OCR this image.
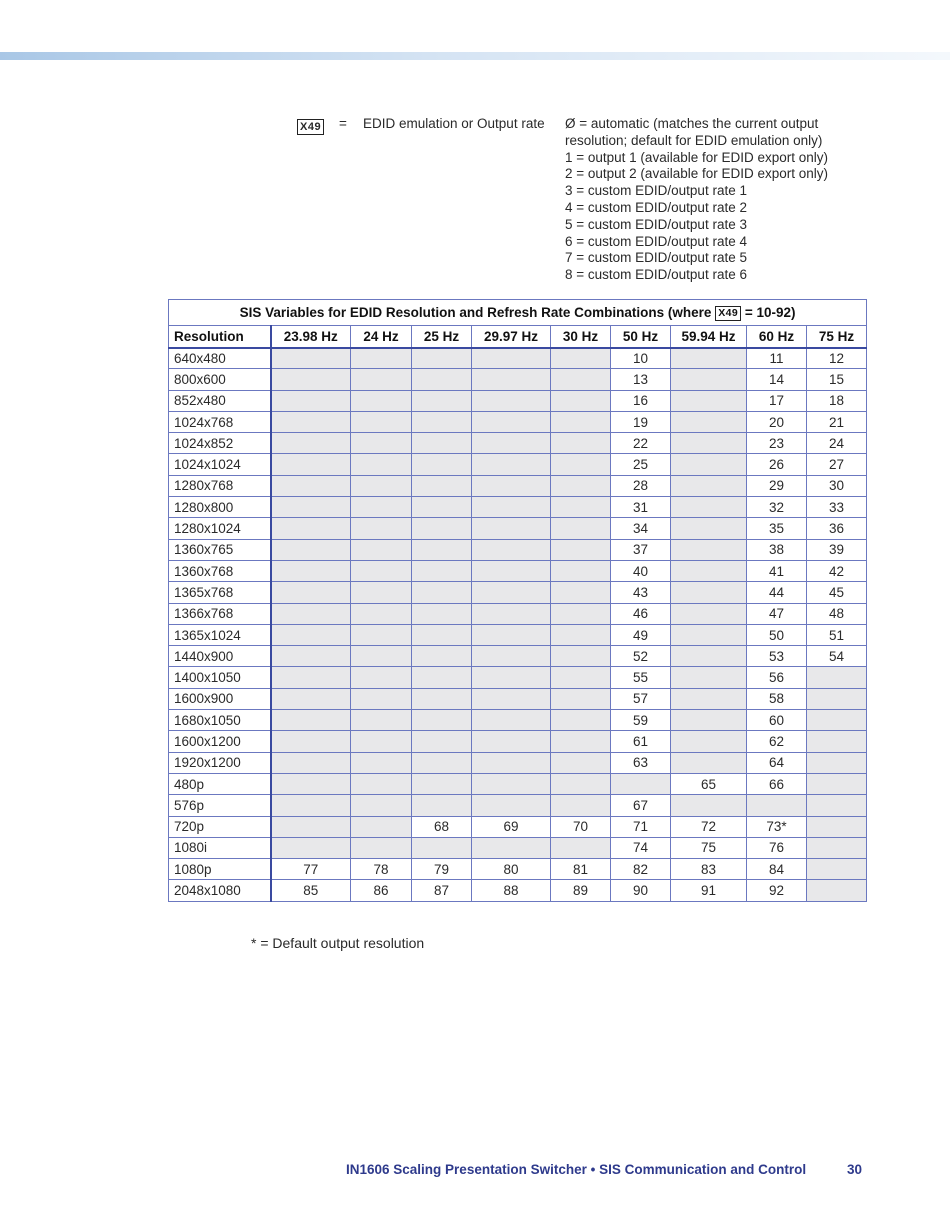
X49 = EDID emulation or Output rate Ø = automatic (matches the current output
resolution; default for EDID emulation only)
1 = output 1 (available for EDID export only)
2 = output 2 (available for EDID export only)
3 = custom EDID/output rate 1
4 = custom EDID/output rate 2
5 = custom EDID/output rate 3
6 = custom EDID/output rate 4
7 = custom EDID/output rate 5
8 = custom EDID/output rate 6
SIS Variables for EDID Resolution and Refresh Rate Combinations (where X49 = 10-92)									
Resolution	23.98 Hz	24 Hz	25 Hz	29.97 Hz	30 Hz	50 Hz	59.94 Hz	60 Hz	75 Hz
640x480						10		11	12
800x600						13		14	15
852x480						16		17	18
1024x768						19		20	21
1024x852						22		23	24
1024x1024						25		26	27
1280x768						28		29	30
1280x800						31		32	33
1280x1024						34		35	36
1360x765						37		38	39
1360x768						40		41	42
1365x768						43		44	45
1366x768						46		47	48
1365x1024						49		50	51
1440x900						52		53	54
1400x1050						55		56	
1600x900						57		58	
1680x1050						59		60	
1600x1200						61		62	
1920x1200						63		64	
480p							65	66	
576p						67			
720p			68	69	70	71	72	73*	
1080i						74	75	76	
1080p	77	78	79	80	81	82	83	84	
2048x1080	85	86	87	88	89	90	91	92	
* = Default output resolution
IN1606 Scaling Presentation Switcher • SIS Communication and Control	30
